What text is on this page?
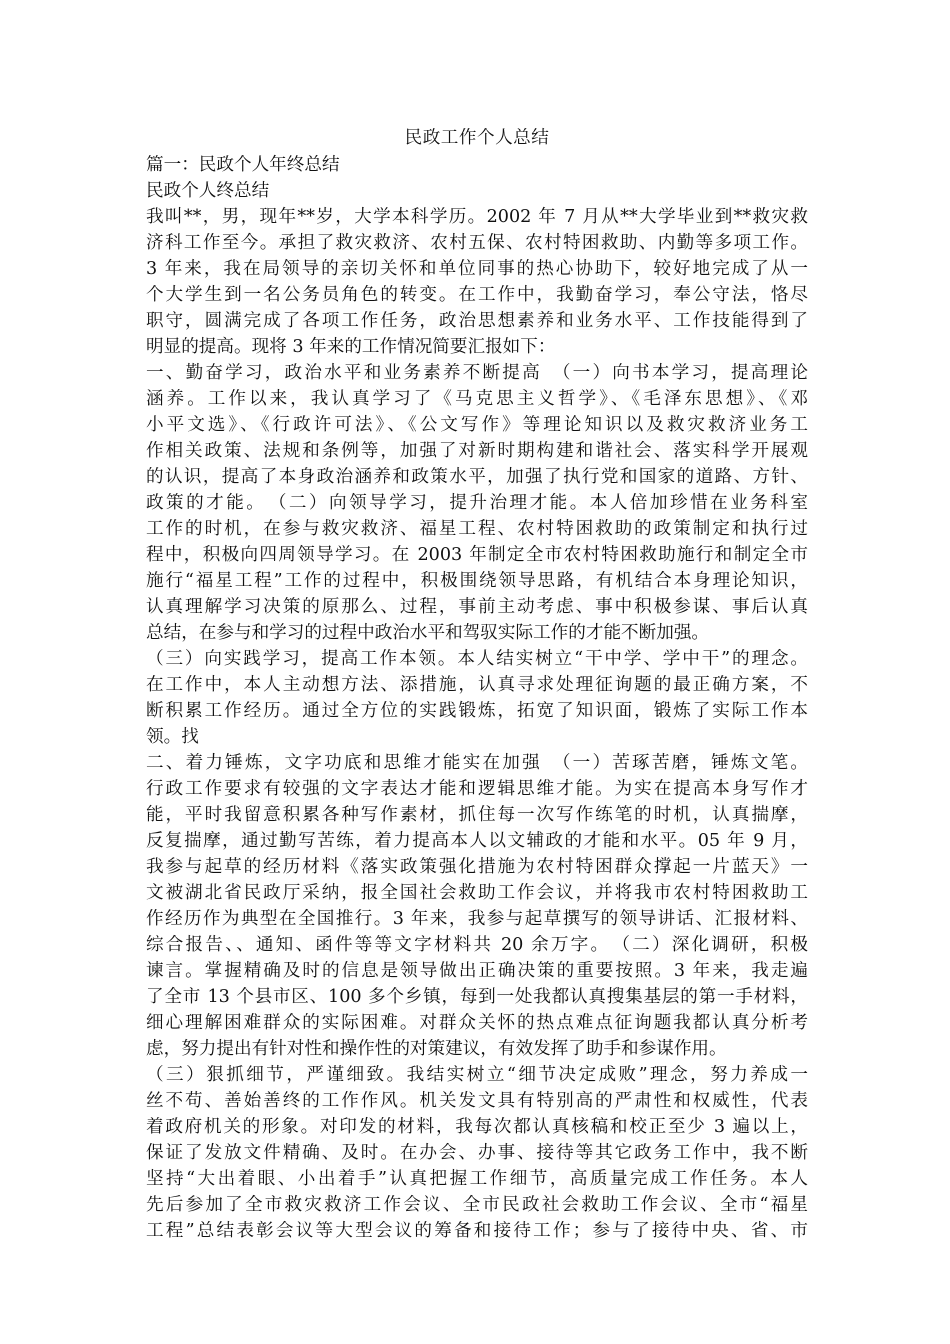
民政工作个人总结
篇一：民政个人年终总结
民政个人终总结
我叫**，男，现年**岁，大学本科学历。2002 年 7 月从**大学毕业到**救灾救
济科工作至今。承担了救灾救济、农村五保、农村特困救助、内勤等多项工作。
3 年来，我在局领导的亲切关怀和单位同事的热心协助下，较好地完成了从一
个大学生到一名公务员角色的转变。在工作中，我勤奋学习，奉公守法，恪尽
职守，圆满完成了各项工作任务，政治思想素养和业务水平、工作技能得到了
明显的提高。现将 3 年来的工作情况简要汇报如下：
一、勤奋学习，政治水平和业务素养不断提高　（一）向书本学习，提高理论
涵养。工作以来，我认真学习了《马克思主义哲学》、《毛泽东思想》、《邓
小平文选》、《行政许可法》、《公文写作》等理论知识以及救灾救济业务工
作相关政策、法规和条例等，加强了对新时期构建和谐社会、落实科学开展观
的认识，提高了本身政治涵养和政策水平，加强了执行党和国家的道路、方针、
政策的才能。　（二）向领导学习，提升治理才能。本人倍加珍惜在业务科室
工作的时机，在参与救灾救济、福星工程、农村特困救助的政策制定和执行过
程中，积极向四周领导学习。在 2003 年制定全市农村特困救助施行和制定全市
施行“福星工程”工作的过程中，积极围绕领导思路，有机结合本身理论知识，
认真理解学习决策的原那么、过程，事前主动考虑、事中积极参谋、事后认真
总结，在参与和学习的过程中政治水平和驾驭实际工作的才能不断加强。
（三）向实践学习，提高工作本领。本人结实树立“干中学、学中干”的理念。
在工作中，本人主动想方法、添措施，认真寻求处理征询题的最正确方案，不
断积累工作经历。通过全方位的实践锻炼，拓宽了知识面，锻炼了实际工作本
领。找
二、着力锤炼，文字功底和思维才能实在加强　（一）苦琢苦磨，锤炼文笔。
行政工作要求有较强的文字表达才能和逻辑思维才能。为实在提高本身写作才
能，平时我留意积累各种写作素材，抓住每一次写作练笔的时机，认真揣摩，
反复揣摩，通过勤写苦练，着力提高本人以文辅政的才能和水平。05 年 9 月，
我参与起草的经历材料《落实政策强化措施为农村特困群众撑起一片蓝天》一
文被湖北省民政厅采纳，报全国社会救助工作会议，并将我市农村特困救助工
作经历作为典型在全国推行。3 年来，我参与起草撰写的领导讲话、汇报材料、
综合报告、、通知、函件等等文字材料共 20 余万字。　（二）深化调研，积极
谏言。掌握精确及时的信息是领导做出正确决策的重要按照。3 年来，我走遍
了全市 13 个县市区、100 多个乡镇，每到一处我都认真搜集基层的第一手材料，
细心理解困难群众的实际困难。对群众关怀的热点难点征询题我都认真分析考
虑，努力提出有针对性和操作性的对策建议，有效发挥了助手和参谋作用。
（三）狠抓细节，严谨细致。我结实树立“细节决定成败”理念，努力养成一
丝不苟、善始善终的工作作风。机关发文具有特别高的严肃性和权威性，代表
着政府机关的形象。对印发的材料，我每次都认真核稿和校正至少 3 遍以上，
保证了发放文件精确、及时。在办会、办事、接待等其它政务工作中，我不断
坚持“大出着眼、小出着手”认真把握工作细节，高质量完成工作任务。本人
先后参加了全市救灾救济工作会议、全市民政社会救助工作会议、全市“福星
工程”总结表彰会议等大型会议的筹备和接待工作；参与了接待中央、省、市
